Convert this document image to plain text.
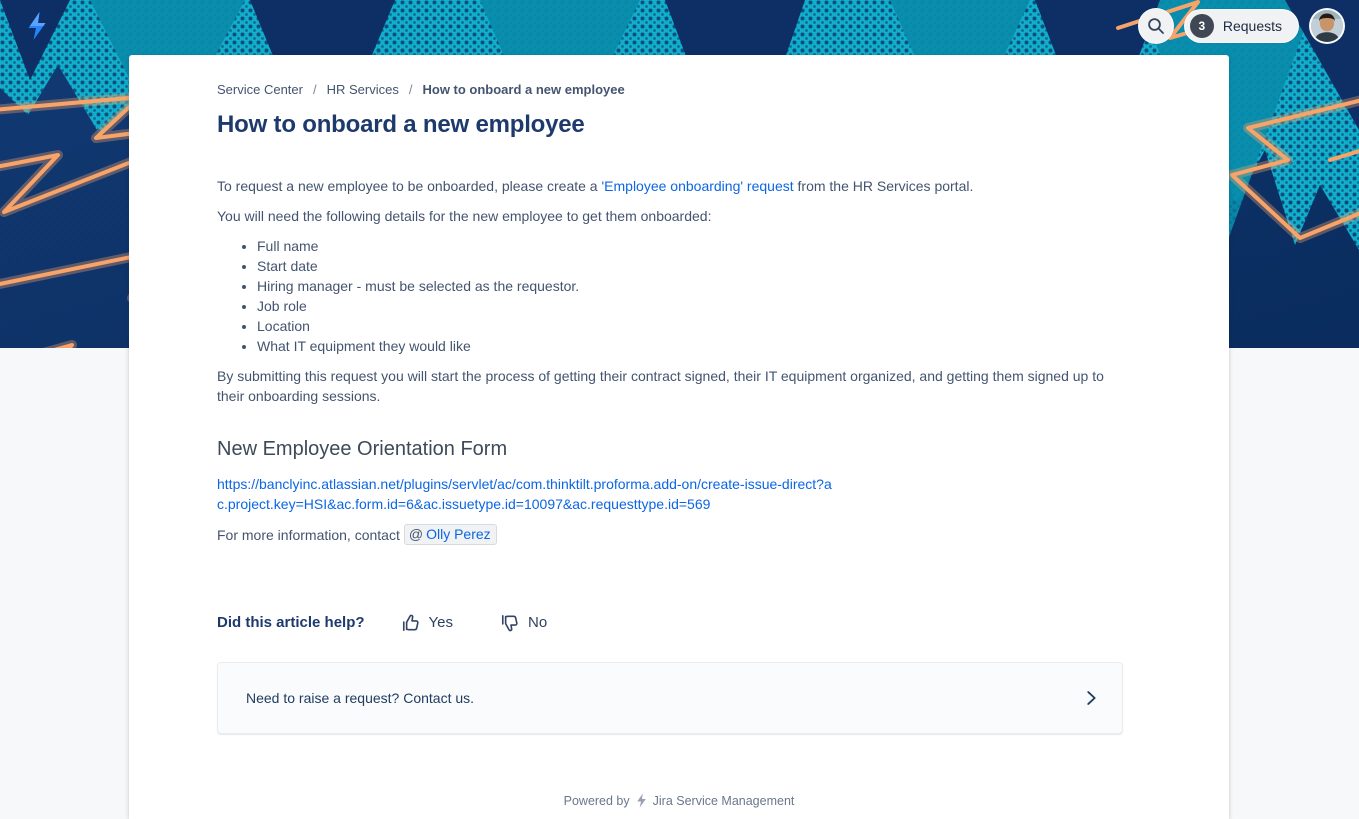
3	Requests
Service Center / HR Services / How to onboard a new employee
How to onboard a new employee

To request a new employee to be onboarded, please create a 'Employee onboarding' request from the HR Services portal.

You will need the following details for the new employee to get them onboarded:

• Full name
• Start date
• Hiring manager - must be selected as the requestor.
• Job role
• Location
• What IT equipment they would like

By submitting this request you will start the process of getting their contract signed, their IT equipment organized, and getting them signed up to their onboarding sessions.

New Employee Orientation Form
https://banclyinc.atlassian.net/plugins/servlet/ac/com.thinktilt.proforma.add-on/create-issue-direct?ac.project.key=HSI&ac.form.id=6&ac.issuetype.id=10097&ac.requesttype.id=569

For more information, contact @ Olly Perez

Did this article help?	Yes	No
Need to raise a request? Contact us.
Powered by Jira Service Management
